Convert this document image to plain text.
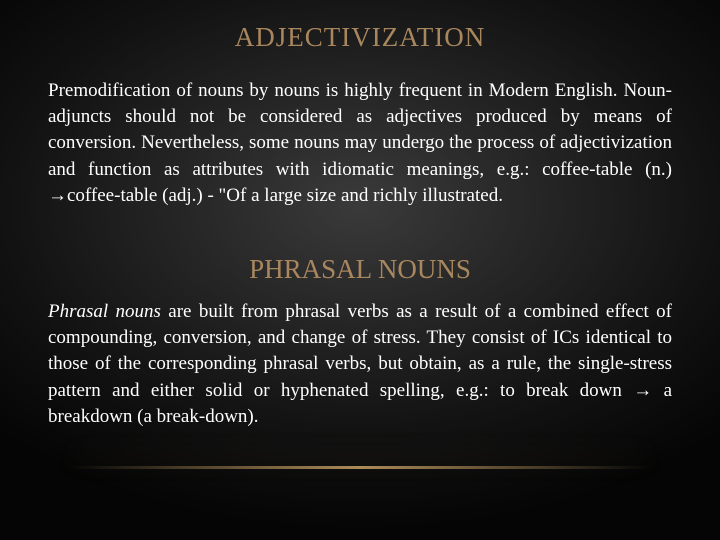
ADJECTIVIZATION
Premodification of nouns by nouns is highly frequent in Modern English. Noun-adjuncts should not be considered as adjectives produced by means of conversion. Nevertheless, some nouns may undergo the process of adjectivization and function as attributes with idiomatic meanings, e.g.: coffee-table (n.) →coffee-table (adj.) - "Of a large size and richly illustrated.
PHRASAL NOUNS
Phrasal nouns are built from phrasal verbs as a result of a combined effect of compounding, conversion, and change of stress. They consist of ICs identical to those of the corresponding phrasal verbs, but obtain, as a rule, the single-stress pattern and either solid or hyphenated spelling, e.g.: to break down → a breakdown (a break-down).
